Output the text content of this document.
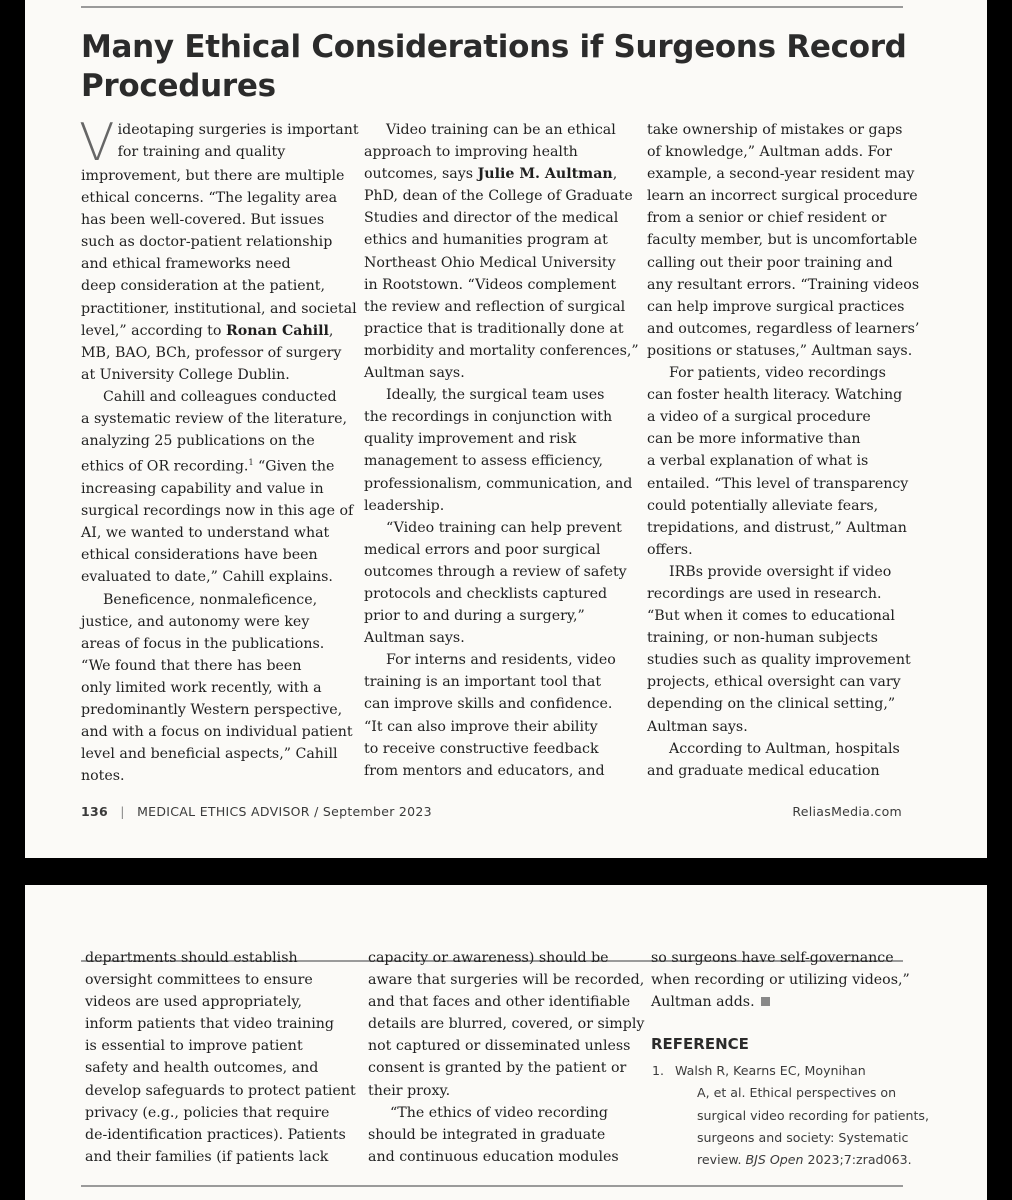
Many Ethical Considerations if Surgeons Record Procedures

V ideotaping surgeries is important
for training and quality
improvement, but there are multiple
ethical concerns. “The legality area
has been well-covered. But issues
such as doctor-patient relationship
and ethical frameworks need
deep consideration at the patient,
practitioner, institutional, and societal
level,” according to Ronan Cahill,
MB, BAO, BCh, professor of surgery
at University College Dublin.

Cahill and colleagues conducted
a systematic review of the literature,
analyzing 25 publications on the
ethics of OR recording.$^1$ “Given the
increasing capability and value in
surgical recordings now in this age of
AI, we wanted to understand what
ethical considerations have been
evaluated to date,” Cahill explains.

Beneficence, nonmaleficence,
justice, and autonomy were key
areas of focus in the publications.
“We found that there has been
only limited work recently, with a
predominantly Western perspective,
and with a focus on individual patient
level and beneficial aspects,” Cahill
notes.

Video training can be an ethical
approach to improving health
outcomes, says Julie M. Aultman,
PhD, dean of the College of Graduate
Studies and director of the medical
ethics and humanities program at
Northeast Ohio Medical University
in Rootstown. “Videos complement
the review and reflection of surgical
practice that is traditionally done at
morbidity and mortality conferences,”
Aultman says.

Ideally, the surgical team uses
the recordings in conjunction with
quality improvement and risk
management to assess efficiency,
professionalism, communication, and
leadership.

“Video training can help prevent
medical errors and poor surgical
outcomes through a review of safety
protocols and checklists captured
prior to and during a surgery,”
Aultman says.

For interns and residents, video
training is an important tool that
can improve skills and confidence.
“It can also improve their ability
to receive constructive feedback
from mentors and educators, and

take ownership of mistakes or gaps
of knowledge,” Aultman adds. For
example, a second-year resident may
learn an incorrect surgical procedure
from a senior or chief resident or
faculty member, but is uncomfortable
calling out their poor training and
any resultant errors. “Training videos
can help improve surgical practices
and outcomes, regardless of learners’
positions or statuses,” Aultman says.

For patients, video recordings
can foster health literacy. Watching
a video of a surgical procedure
can be more informative than
a verbal explanation of what is
entailed. “This level of transparency
could potentially alleviate fears,
trepidations, and distrust,” Aultman
offers.

IRBs provide oversight if video
recordings are used in research.
“But when it comes to educational
training, or non-human subjects
studies such as quality improvement
projects, ethical oversight can vary
depending on the clinical setting,”
Aultman says.

According to Aultman, hospitals
and graduate medical education

136 | MEDICAL ETHICS ADVISOR / September 2023	ReliasMedia.com

departments should establish
oversight committees to ensure
videos are used appropriately,
inform patients that video training
is essential to improve patient
safety and health outcomes, and
develop safeguards to protect patient
privacy (e.g., policies that require
de-identification practices). Patients
and their families (if patients lack

capacity or awareness) should be
aware that surgeries will be recorded,
and that faces and other identifiable
details are blurred, covered, or simply
not captured or disseminated unless
consent is granted by the patient or
their proxy.

“The ethics of video recording
should be integrated in graduate
and continuous education modules

so surgeons have self-governance
when recording or utilizing videos,”
Aultman adds.

REFERENCE
1. Walsh R, Kearns EC, Moynihan
A, et al. Ethical perspectives on
surgical video recording for patients,
surgeons and society: Systematic
review. BJS Open 2023;7:zrad063.
